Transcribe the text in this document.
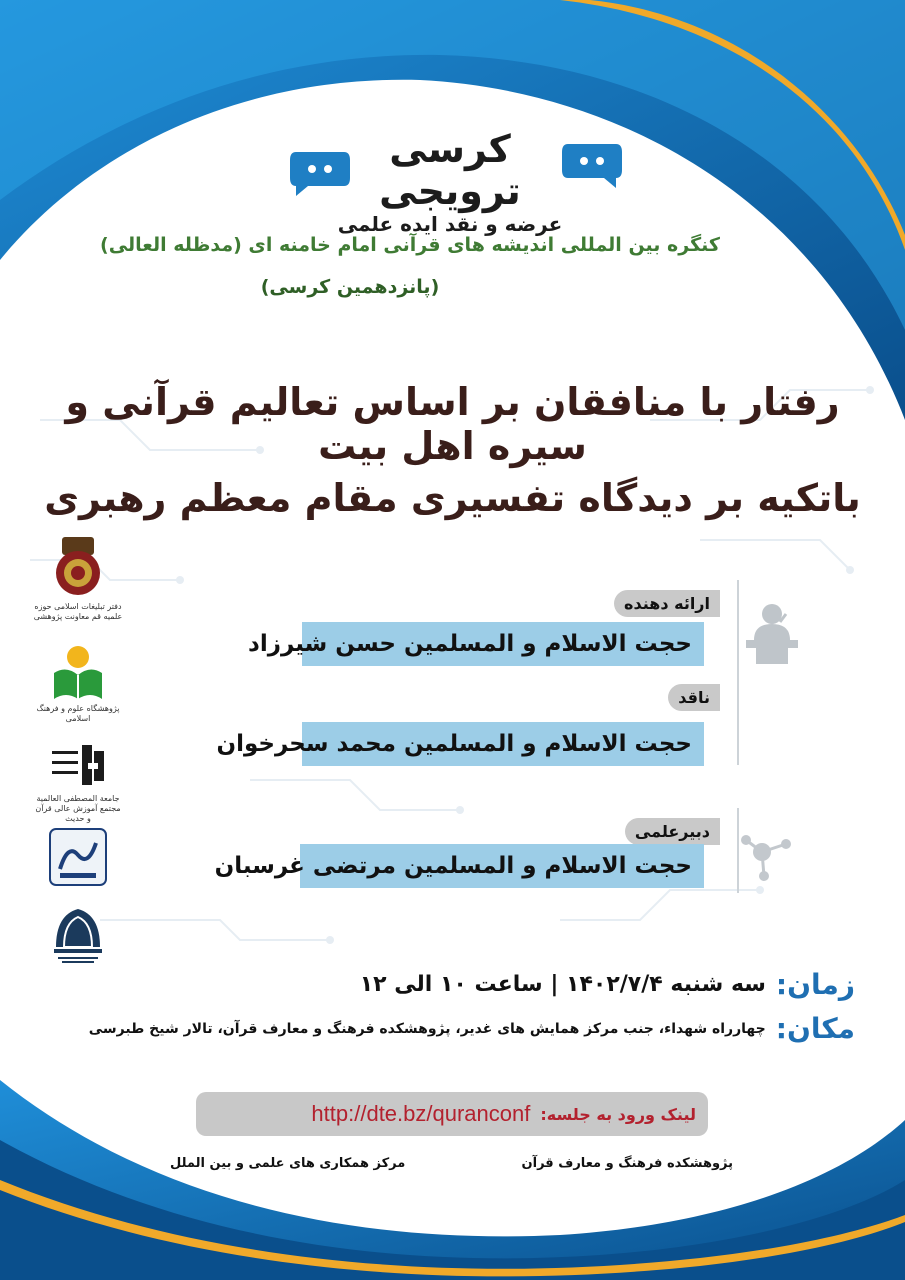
کرسی ترویجی
عرضه و نقد ایده علمی
کنگره بین المللی اندیشه های قرآنی امام خامنه ای (مدظله العالی)
(پانزدهمین کرسی)
رفتار با منافقان بر اساس تعالیم قرآنی و سیره اهل بیت
باتکیه بر دیدگاه تفسیری مقام معظم رهبری
دفتر تبلیغات اسلامی حوزه علمیه قم معاونت پژوهشی
پژوهشگاه علوم و فرهنگ اسلامی
جامعة المصطفی العالمية مجتمع آموزش عالی قرآن و حدیث
ارائه دهنده
حجت الاسلام و المسلمین حسن شیرزاد
ناقد
حجت الاسلام و المسلمین محمد سحرخوان
دبیرعلمی
حجت الاسلام و المسلمین مرتضی غرسبان
زمان:
سه شنبه ۱۴۰۲/۷/۴ | ساعت ۱۰ الی ۱۲
مکان:
چهارراه شهداء، جنب مرکز همایش های غدیر، پژوهشکده فرهنگ و معارف قرآن، تالار شیخ طبرسی
لینک ورود به جلسه:
http://dte.bz/quranconf
پژوهشکده فرهنگ و معارف قرآن
مرکز همکاری های علمی و بین الملل
